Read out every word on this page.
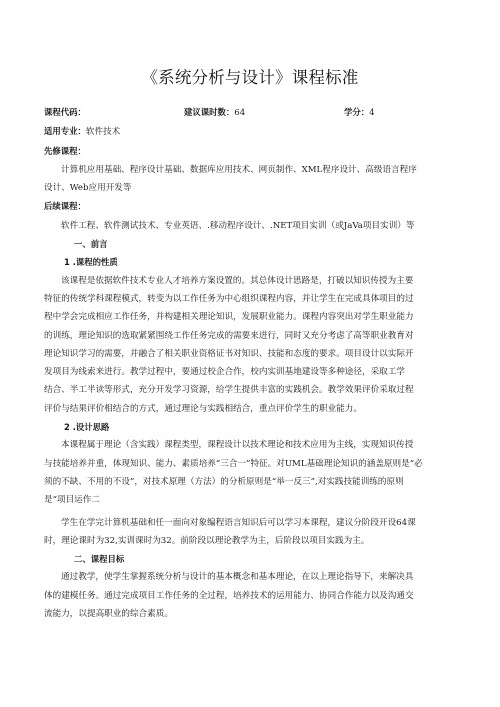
《系统分析与设计》课程标准
课程代码：	建议课时数：64	学分：4
适用专业：软件技术
先修课程：
计算机应用基础、程序设计基础、数据库应用技术、网页制作、XML程序设计、高级语言程序
设计、Web应用开发等
后续课程：
软件工程、软件测试技术、专业英语、.移动程序设计、.NET项目实训（或JaVa项目实训）等
一、前言
1 .课程的性质
该课程是依据软件技术专业人才培养方案设置的。其总体设计思路是，打破以知识传授为主要
特征的传统学科课程模式，转变为以工作任务为中心组织课程内容，并让学生在完成具体项目的过
程中学会完成相应工作任务，并构建相关理论知识，发展职业能力。课程内容突出对学生职业能力
的训练，理论知识的选取紧紧围绕工作任务完成的需要来进行，同时又充分考虑了高等职业教育对
理论知识学习的需要，并融合了相关职业资格证书对知识、技能和态度的要求。项目设计以实际开
发项目为线索来进行。教学过程中，要通过校企合作，校内实训基地建设等多种途径，采取工学
结合、半工半读等形式，充分开发学习资源，给学生提供丰富的实践机会。教学效果评价采取过程
评价与结果评价相结合的方式，通过理论与实践相结合，重点评价学生的职业能力。
2 .设计思路
本课程属于理论（含实践）课程类型，课程设计以技术理论和技术应用为主线，实现知识传授
与技能培养并重，体现知识、能力、素质培养“三合一”特征。对UML基础理论知识的涵盖原则是“必
须的不缺、不用的不设”，对技术原理（方法）的分析原则是“举一反三”,对实践技能训练的原则
是“项目运作二
学生在学完计算机基础和任一面向对象编程语言知识后可以学习本课程，建议分阶段开设64课
时，理论课时为32,实训课时为32。前阶段以理论教学为主，后阶段以项目实践为主。
二、课程目标
通过教学，使学生掌握系统分析与设计的基本概念和基本理论，在以上理论指导下，来解决具
体的建模任务。通过完成项目工作任务的全过程，培养技术的运用能力、协同合作能力以及沟通交
流能力，以提高职业的综合素质。
